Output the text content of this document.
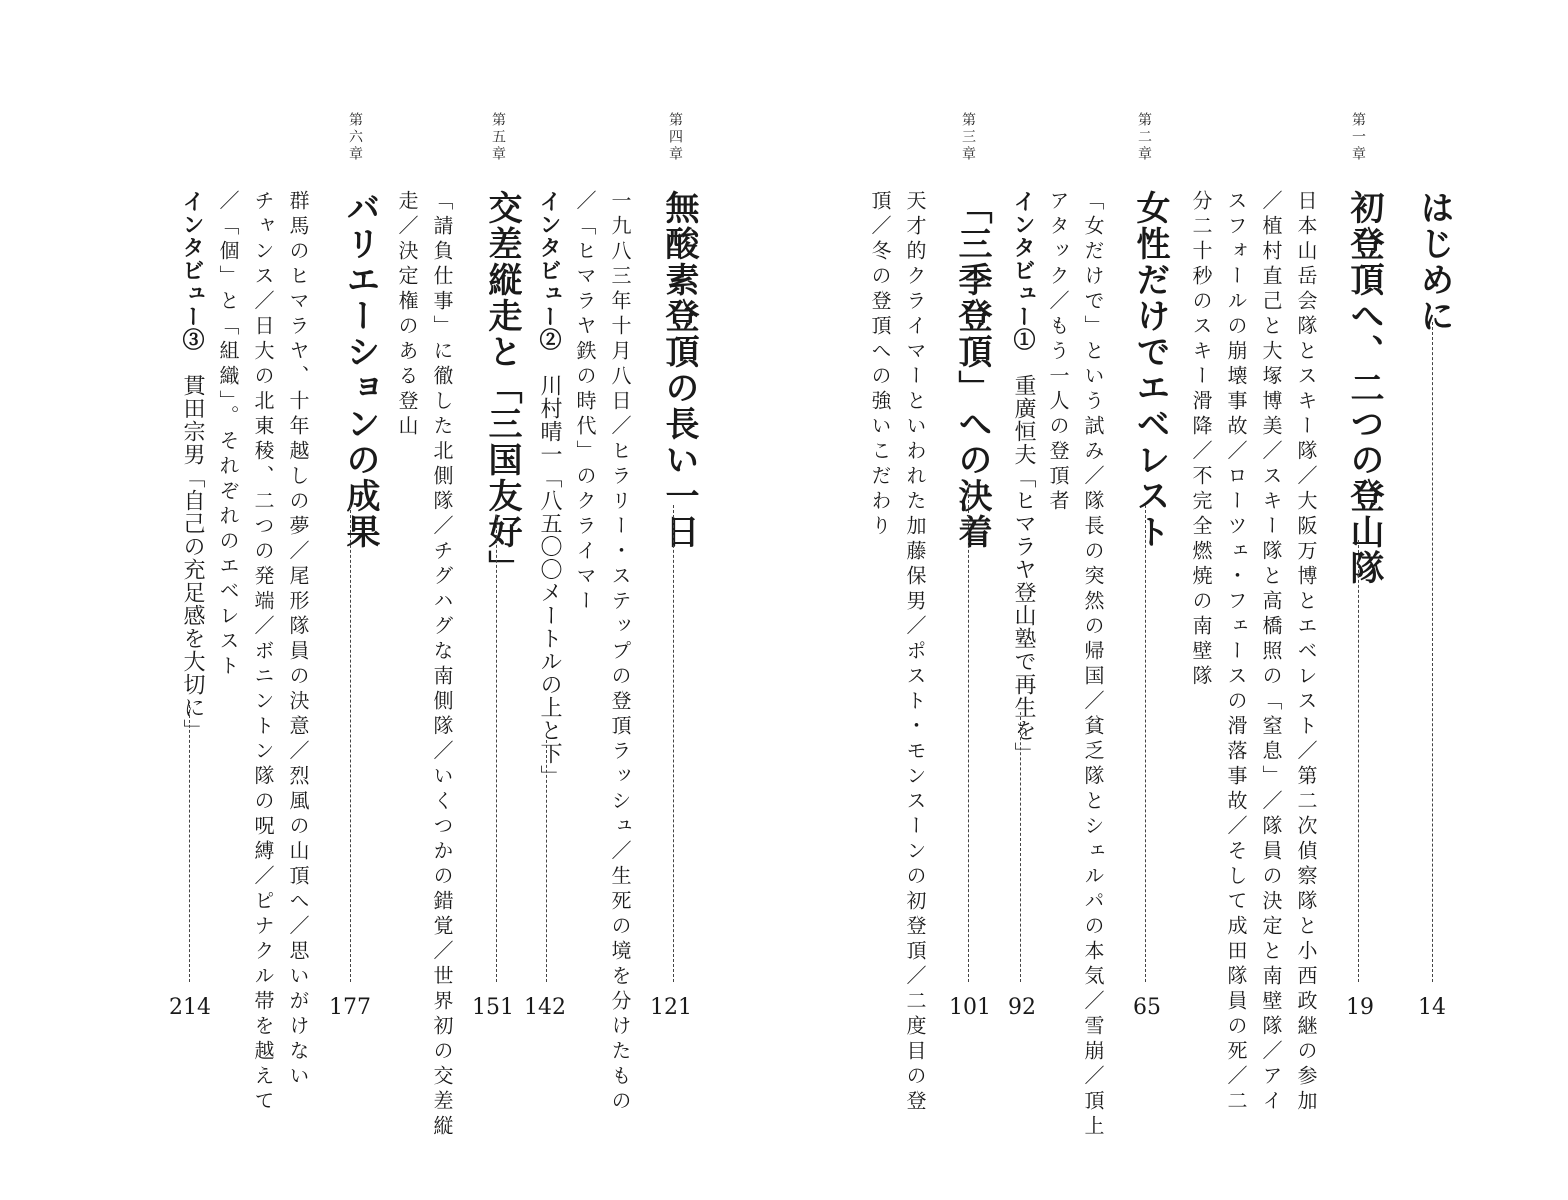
はじめに
14
第一章
初登頂へ、二つの登山隊
19
日本山岳会隊とスキー隊／大阪万博とエベレスト／第二次偵察隊と小西政継の参加
／植村直己と大塚博美／スキー隊と高橋照の「窒息」／隊員の決定と南壁隊／アイ
スフォールの崩壊事故／ローツェ・フェースの滑落事故／そして成田隊員の死／二
分二十秒のスキー滑降／不完全燃焼の南壁隊
第二章
女性だけでエベレスト
65
「女だけで」という試み／隊長の突然の帰国／貧乏隊とシェルパの本気／雪崩／頂上
アタック／もう一人の登頂者
インタビュー①　重廣恒夫「ヒマラヤ登山塾で再生を」
92
第三章
「三季登頂」への決着
101
天才的クライマーといわれた加藤保男／ポスト・モンスーンの初登頂／二度目の登
頂／冬の登頂への強いこだわり
第四章
無酸素登頂の長い一日
121
一九八三年十月八日／ヒラリー・ステップの登頂ラッシュ／生死の境を分けたもの
／「ヒマラヤ鉄の時代」のクライマー
インタビュー②　川村晴一「八五〇〇メートルの上と下」
142
第五章
交差縦走と「三国友好」
151
「請負仕事」に徹した北側隊／チグハグな南側隊／いくつかの錯覚／世界初の交差縦
走／決定権のある登山
第六章
バリエーションの成果
177
群馬のヒマラヤ、十年越しの夢／尾形隊員の決意／烈風の山頂へ／思いがけない
チャンス／日大の北東稜、二つの発端／ボニントン隊の呪縛／ピナクル帯を越えて
／「個」と「組織」。それぞれのエベレスト
インタビュー③　貫田宗男「自己の充足感を大切に」
214
